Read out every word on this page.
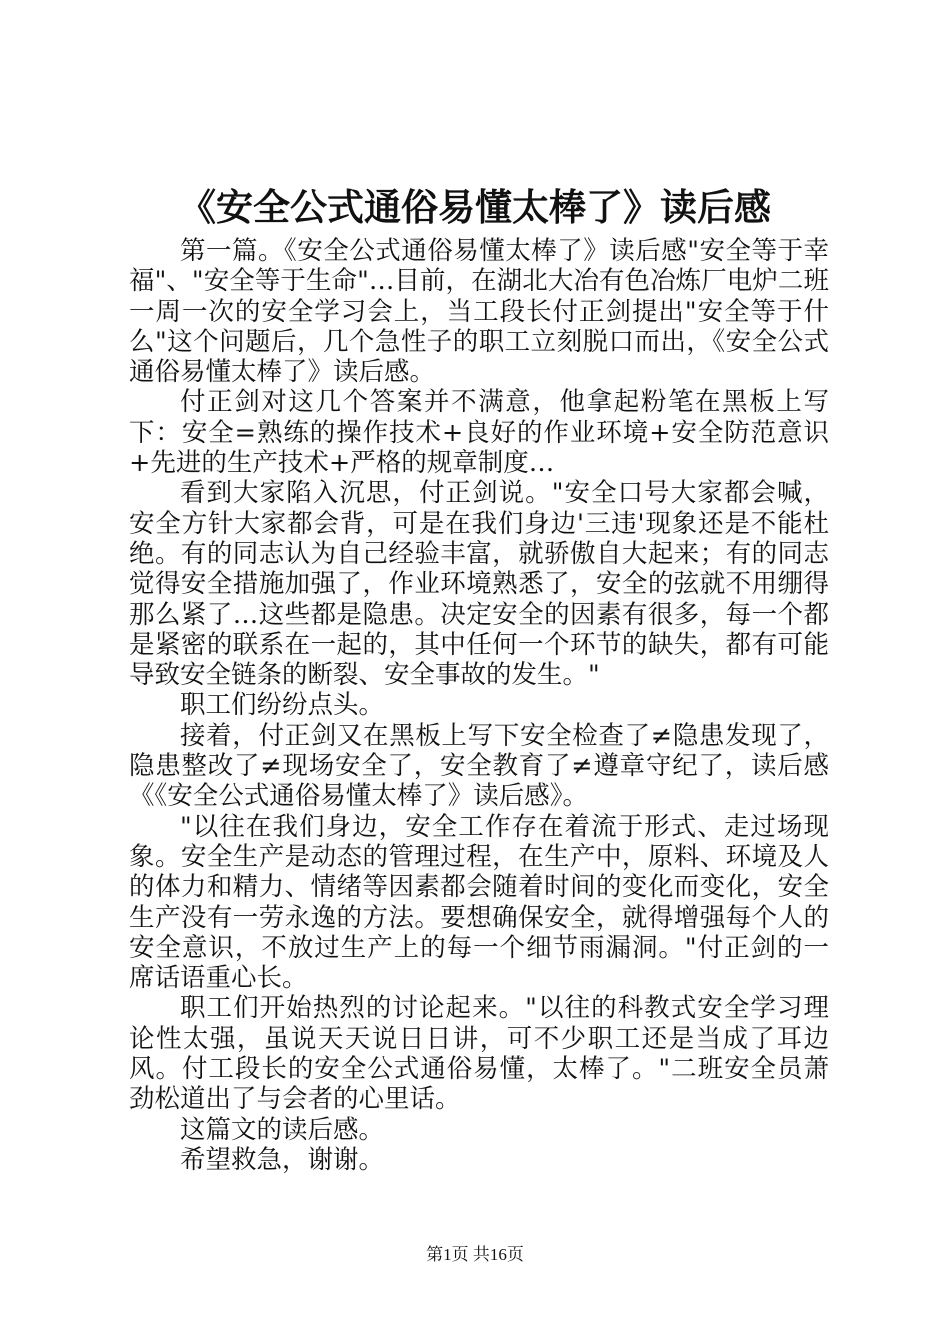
《安全公式通俗易懂太棒了》读后感

第一篇。《安全公式通俗易懂太棒了》读后感"安全等于幸福"、"安全等于生命"…目前，在湖北大冶有色冶炼厂电炉二班一周一次的安全学习会上，当工段长付正剑提出"安全等于什么"这个问题后，几个急性子的职工立刻脱口而出，《安全公式通俗易懂太棒了》读后感。

付正剑对这几个答案并不满意，他拿起粉笔在黑板上写下：安全=熟练的操作技术+良好的作业环境+安全防范意识+先进的生产技术+严格的规章制度…

看到大家陷入沉思，付正剑说。"安全口号大家都会喊，安全方针大家都会背，可是在我们身边'三违'现象还是不能杜绝。有的同志认为自己经验丰富，就骄傲自大起来；有的同志觉得安全措施加强了，作业环境熟悉了，安全的弦就不用绷得那么紧了…这些都是隐患。决定安全的因素有很多，每一个都是紧密的联系在一起的，其中任何一个环节的缺失，都有可能导致安全链条的断裂、安全事故的发生。"

职工们纷纷点头。

接着，付正剑又在黑板上写下安全检查了≠隐患发现了，隐患整改了≠现场安全了，安全教育了≠遵章守纪了，读后感《《安全公式通俗易懂太棒了》读后感》。

"以往在我们身边，安全工作存在着流于形式、走过场现象。安全生产是动态的管理过程，在生产中，原料、环境及人的体力和精力、情绪等因素都会随着时间的变化而变化，安全生产没有一劳永逸的方法。要想确保安全，就得增强每个人的安全意识，不放过生产上的每一个细节雨漏洞。"付正剑的一席话语重心长。

职工们开始热烈的讨论起来。"以往的科教式安全学习理论性太强，虽说天天说日日讲，可不少职工还是当成了耳边风。付工段长的安全公式通俗易懂，太棒了。"二班安全员萧劲松道出了与会者的心里话。

这篇文的读后感。

希望救急，谢谢。

第1页 共16页
